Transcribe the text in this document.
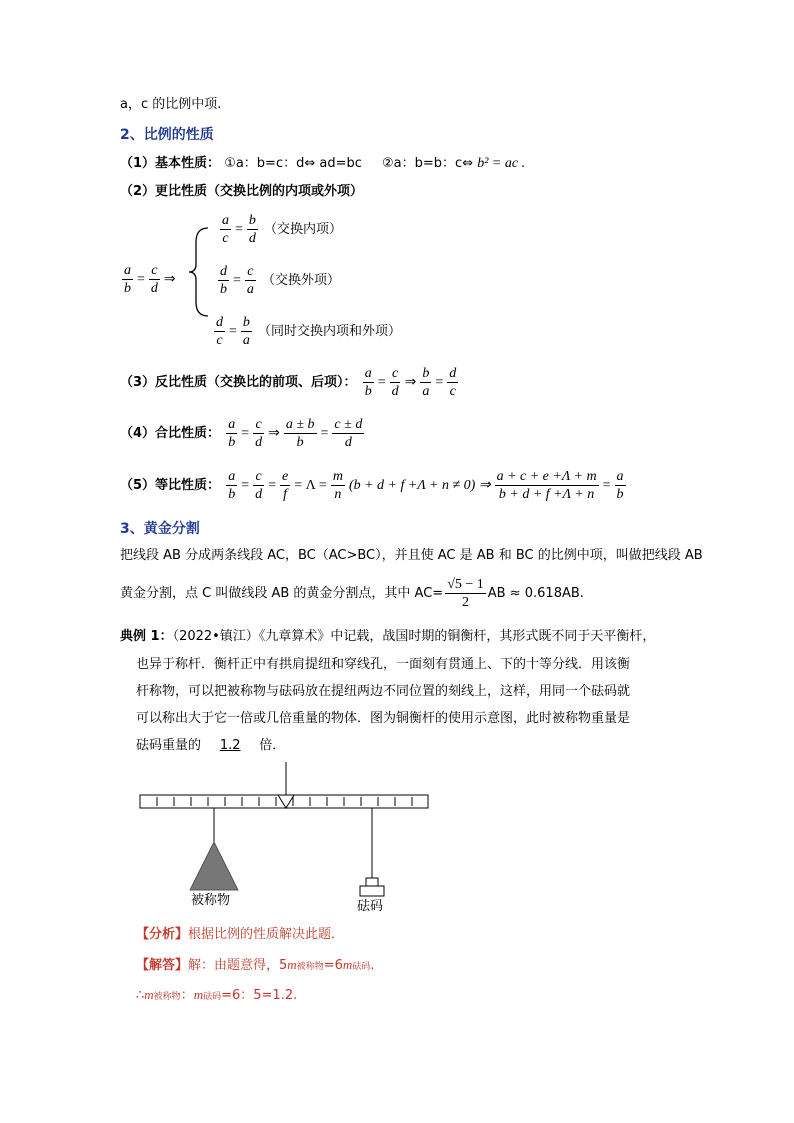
a，c 的比例中项.
2、比例的性质
（1）基本性质： ①a：b=c：d⇔ ad=bc ②a：b=b：c⇔ b² = ac .
（2）更比性质（交换比例的内项或外项）
$\frac{a}{b} = \frac{c}{d}$ ⇒
$\frac{a}{c} = \frac{b}{d}$ （交换内项）
$\frac{d}{b} = \frac{c}{a}$ （交换外项）
$\frac{d}{c} = \frac{b}{a}$ （同时交换内项和外项）
（3）反比性质（交换比的前项、后项）： $\frac{a}{b} = \frac{c}{d}$ ⇒ $\frac{b}{a} = \frac{d}{c}$
（4）合比性质： $\frac{a}{b} = \frac{c}{d}$ ⇒ $\frac{a \pm b}{b} = \frac{c \pm d}{d}$
（5）等比性质： $\frac{a}{b} = \frac{c}{d} = \frac{e}{f} = \Lambda = \frac{m}{n} (b + d + f +\Lambda + n \ne 0)$ ⇒ $\frac{a + c + e +\Lambda + m}{b + d + f +\Lambda + n} = \frac{a}{b}$
3、黄金分割
把线段 AB 分成两条线段 AC，BC（AC>BC），并且使 AC 是 AB 和 BC 的比例中项，叫做把线段 AB
黄金分割，点 C 叫做线段 AB 的黄金分割点，其中 $AC= \frac{√5 - 1}{2}$ AB ≈ 0.618AB.
典例 1：（2022•镇江）《九章算术》中记载，战国时期的铜衡杆，其形式既不同于天平衡杆，
也异于称杆．衡杆正中有拱肩提纽和穿线孔，一面刻有贯通上、下的十等分线．用该衡
杆称物，可以把被称物与砝码放在提纽两边不同位置的刻线上，这样，用同一个砝码就
可以称出大于它一倍或几倍重量的物体．图为铜衡杆的使用示意图，此时被称物重量是
砝码重量的 1.2 倍．
被称物	砝码
【分析】根据比例的性质解决此题．
【解答】解：由题意得，5m被称物=6m砝码.
∴m被称物：m砝码=6：5=1.2.
